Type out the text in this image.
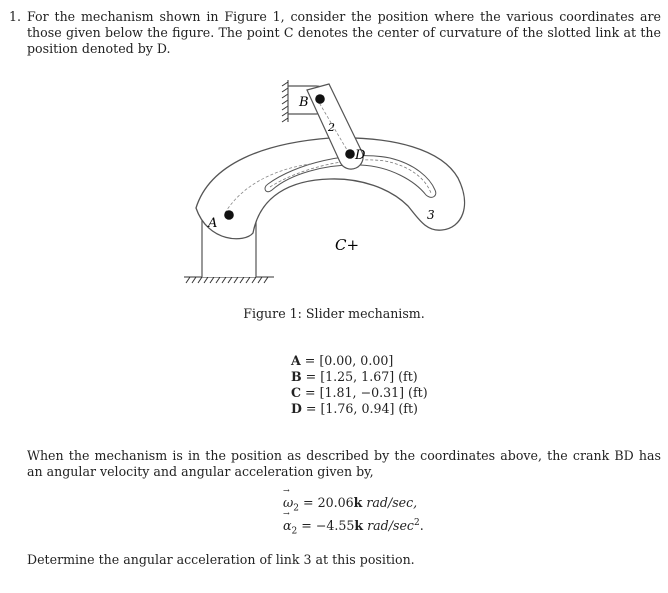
1. For the mechanism shown in Figure 1, consider the position where the various coordinates are those given below the figure. The point C denotes the center of curvature of the slotted link at the position denoted by D.
A
B
D
2
3
C+
Figure 1: Slider mechanism.
A = [0.00, 0.00]
B = [1.25, 1.67] (ft)
C = [1.81, −0.31] (ft)
D = [1.76, 0.94] (ft)
When the mechanism is in the position as described by the coordinates above, the crank BD has an angular velocity and angular acceleration given by,
→ $\omega_2 = 20.06k$ rad/sec,
→ $\alpha_2 = -4.55k$ rad/$\sec^2$.
Determine the angular acceleration of link 3 at this position.
